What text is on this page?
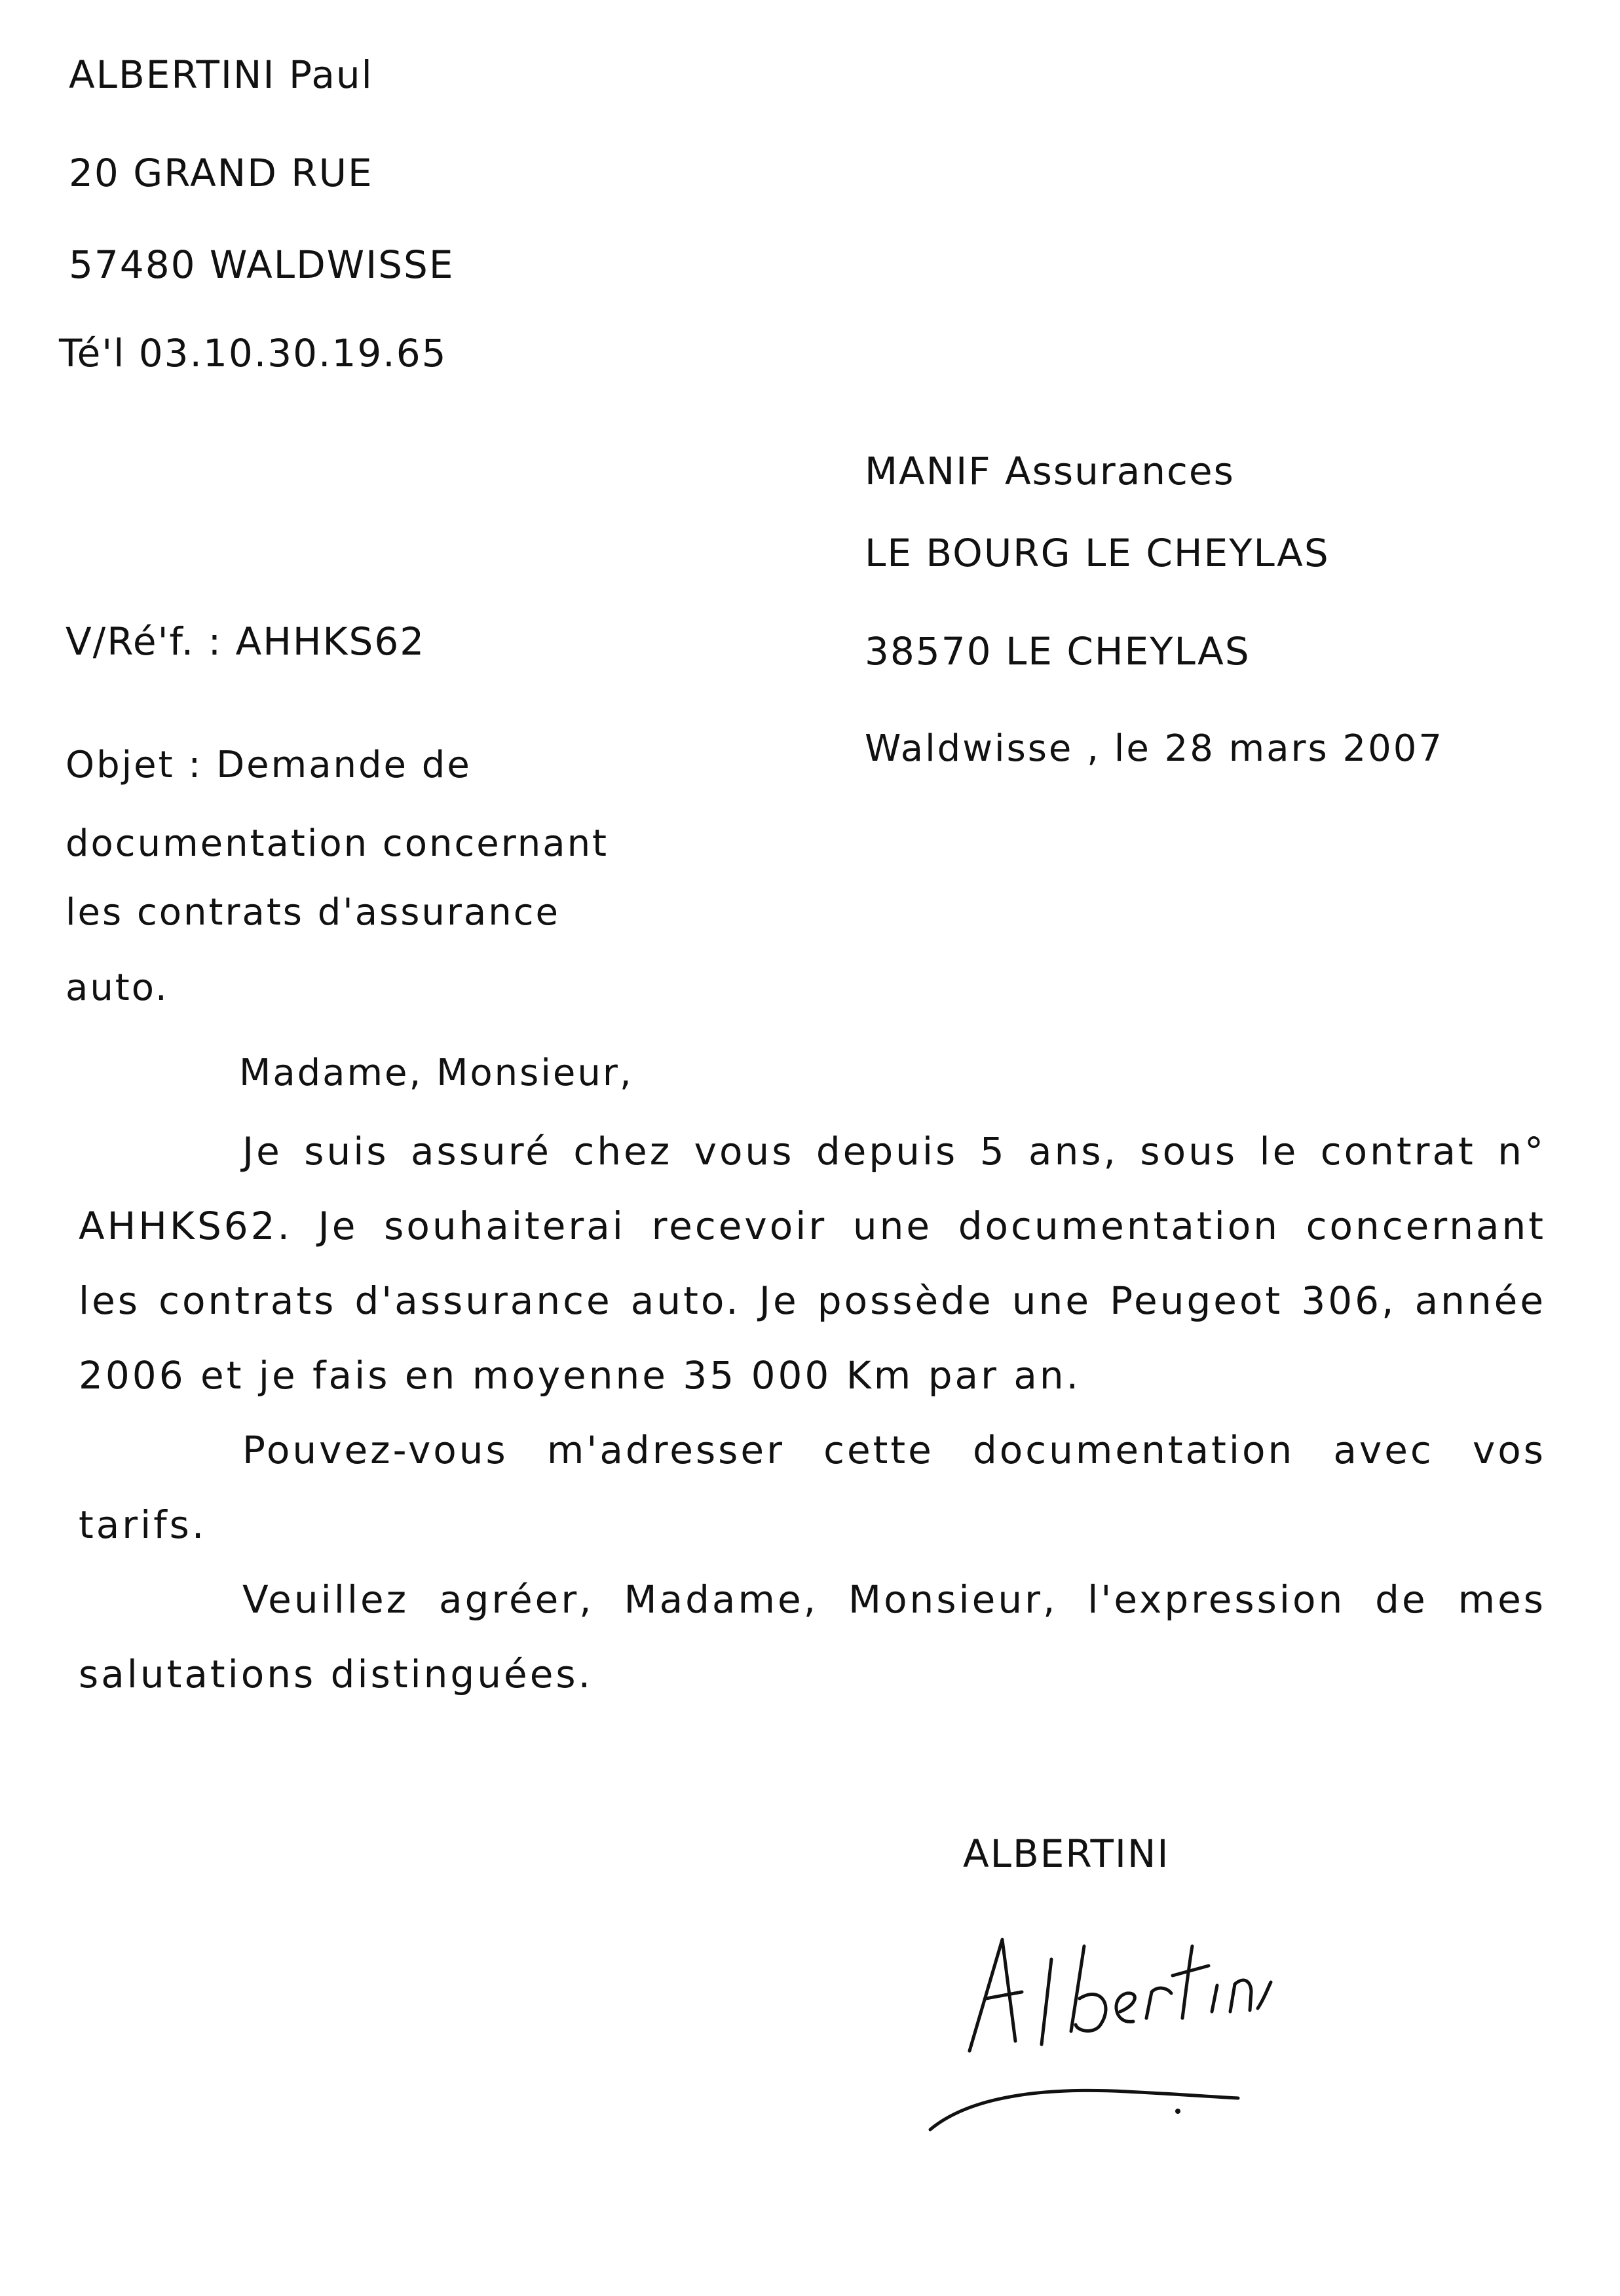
ALBERTINI Paul
20 GRAND RUE
57480 WALDWISSE
Té'l 03.10.30.19.65
MANIF Assurances
LE BOURG LE CHEYLAS
38570 LE CHEYLAS
V/Ré'f. : AHHKS62
Waldwisse , le 28 mars 2007
Objet : Demande de
documentation concernant
les contrats d'assurance
auto.
Madame, Monsieur,

Je suis assuré chez vous depuis 5 ans, sous le contrat n° AHHKS62. Je souhaiterai recevoir une documentation concernant les contrats d'assurance auto. Je possède une Peugeot 306, année 2006 et je fais en moyenne 35 000 Km par an.

Pouvez-vous m'adresser cette documentation avec vos tarifs.

Veuillez agréer, Madame, Monsieur, l'expression de mes salutations distinguées.

ALBERTINI
